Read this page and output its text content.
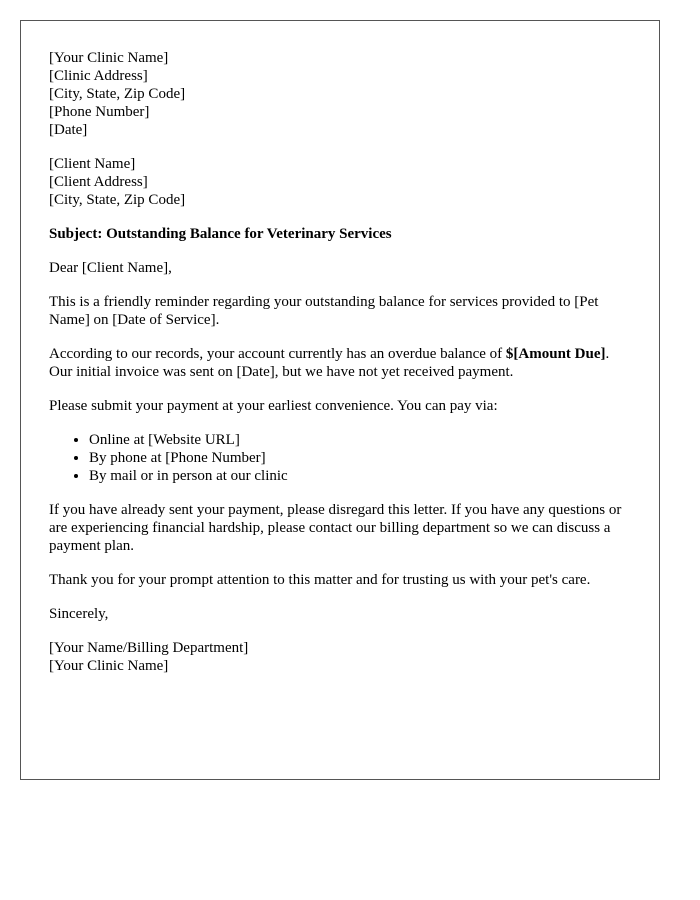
[Your Clinic Name]
[Clinic Address]
[City, State, Zip Code]
[Phone Number]
[Date]
[Client Name]
[Client Address]
[City, State, Zip Code]

Subject: Outstanding Balance for Veterinary Services

Dear [Client Name],

This is a friendly reminder regarding your outstanding balance for services provided to [Pet Name] on [Date of Service].

According to our records, your account currently has an overdue balance of $[Amount Due]. Our initial invoice was sent on [Date], but we have not yet received payment.

Please submit your payment at your earliest convenience. You can pay via:

• Online at [Website URL]
• By phone at [Phone Number]
• By mail or in person at our clinic

If you have already sent your payment, please disregard this letter. If you have any questions or are experiencing financial hardship, please contact our billing department so we can discuss a payment plan.

Thank you for your prompt attention to this matter and for trusting us with your pet's care.

Sincerely,

[Your Name/Billing Department]
[Your Clinic Name]
